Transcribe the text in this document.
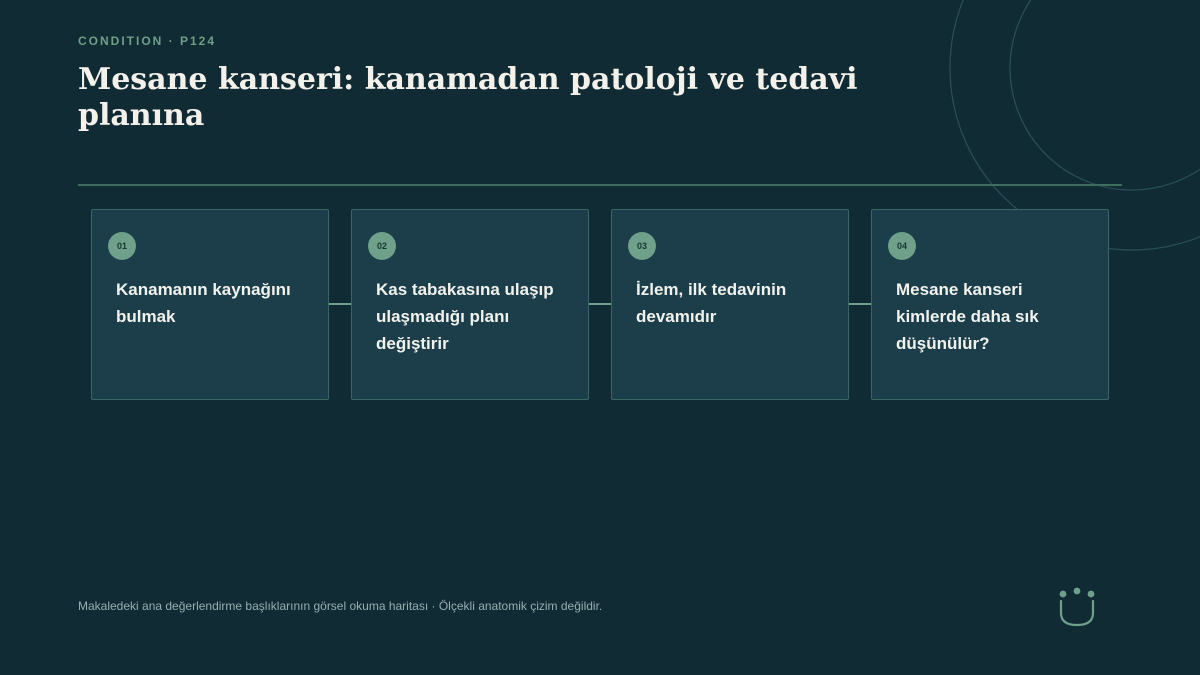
CONDITION · P124
Mesane kanseri: kanamadan patoloji ve tedavi planına
01
Kanamanın kaynağını bulmak
02
Kas tabakasına ulaşıp ulaşmadığı planı değiştirir
03
İzlem, ilk tedavinin devamıdır
04
Mesane kanseri kimlerde daha sık düşünülür?
Makaledeki ana değerlendirme başlıklarının görsel okuma haritası · Ölçekli anatomik çizim değildir.
